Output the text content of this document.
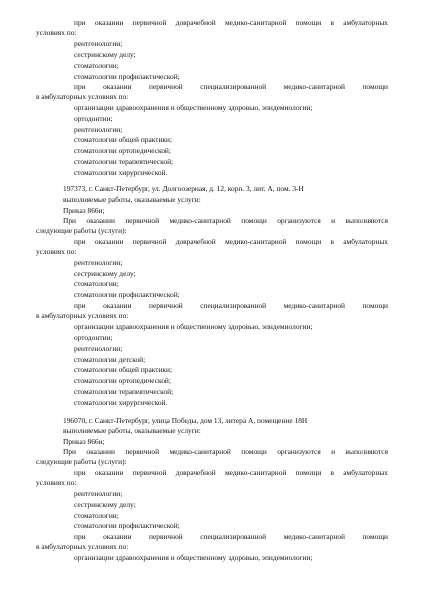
при оказании первичной доврачебной медико-санитарной помощи в амбулаторных
условиях по:
рентгенологии;
сестринскому делу;
стоматологии;
стоматологии профилактической;
при оказании первичной специализированной медико-санитарной помощи
в амбулаторных условиях по:
организации здравоохранения и общественному здоровью, эпидемиологии;
ортодонтии;
рентгенологии;
стоматологии общей практики;
стоматологии ортопедической;
стоматологии терапевтической;
стоматологии хирургической.
197373, г. Санкт-Петербург, ул. Долгоозерная, д. 12, корп. 3, лит. А, пом. 3-Н
выполняемые работы, оказываемые услуги:
Приказ 866н;
При оказании первичной медико-санитарной помощи организуются и выполняются
следующие работы (услуги):
при оказании первичной доврачебной медико-санитарной помощи в амбулаторных
условиях по:
рентгенологии;
сестринскому делу;
стоматологии;
стоматологии профилактической;
при оказании первичной специализированной медико-санитарной помощи
в амбулаторных условиях по:
организации здравоохранения и общественному здоровью, эпидемиологии;
ортодонтии;
рентгенологии;
стоматологии детской;
стоматологии общей практики;
стоматологии ортопедической;
стоматологии терапевтической;
стоматологии хирургической.
196070, г. Санкт-Петербург, улица Победы, дом 13, литера А, помещение 18Н
выполняемые работы, оказываемые услуги:
Приказ 866н;
При оказании первичной медико-санитарной помощи организуются и выполняются
следующие работы (услуги):
при оказании первичной доврачебной медико-санитарной помощи в амбулаторных
условиях по:
рентгенологии;
сестринскому делу;
стоматологии;
стоматологии профилактической;
при оказании первичной специализированной медико-санитарной помощи
в амбулаторных условиях по:
организации здравоохранения и общественному здоровью, эпидемиологии;
